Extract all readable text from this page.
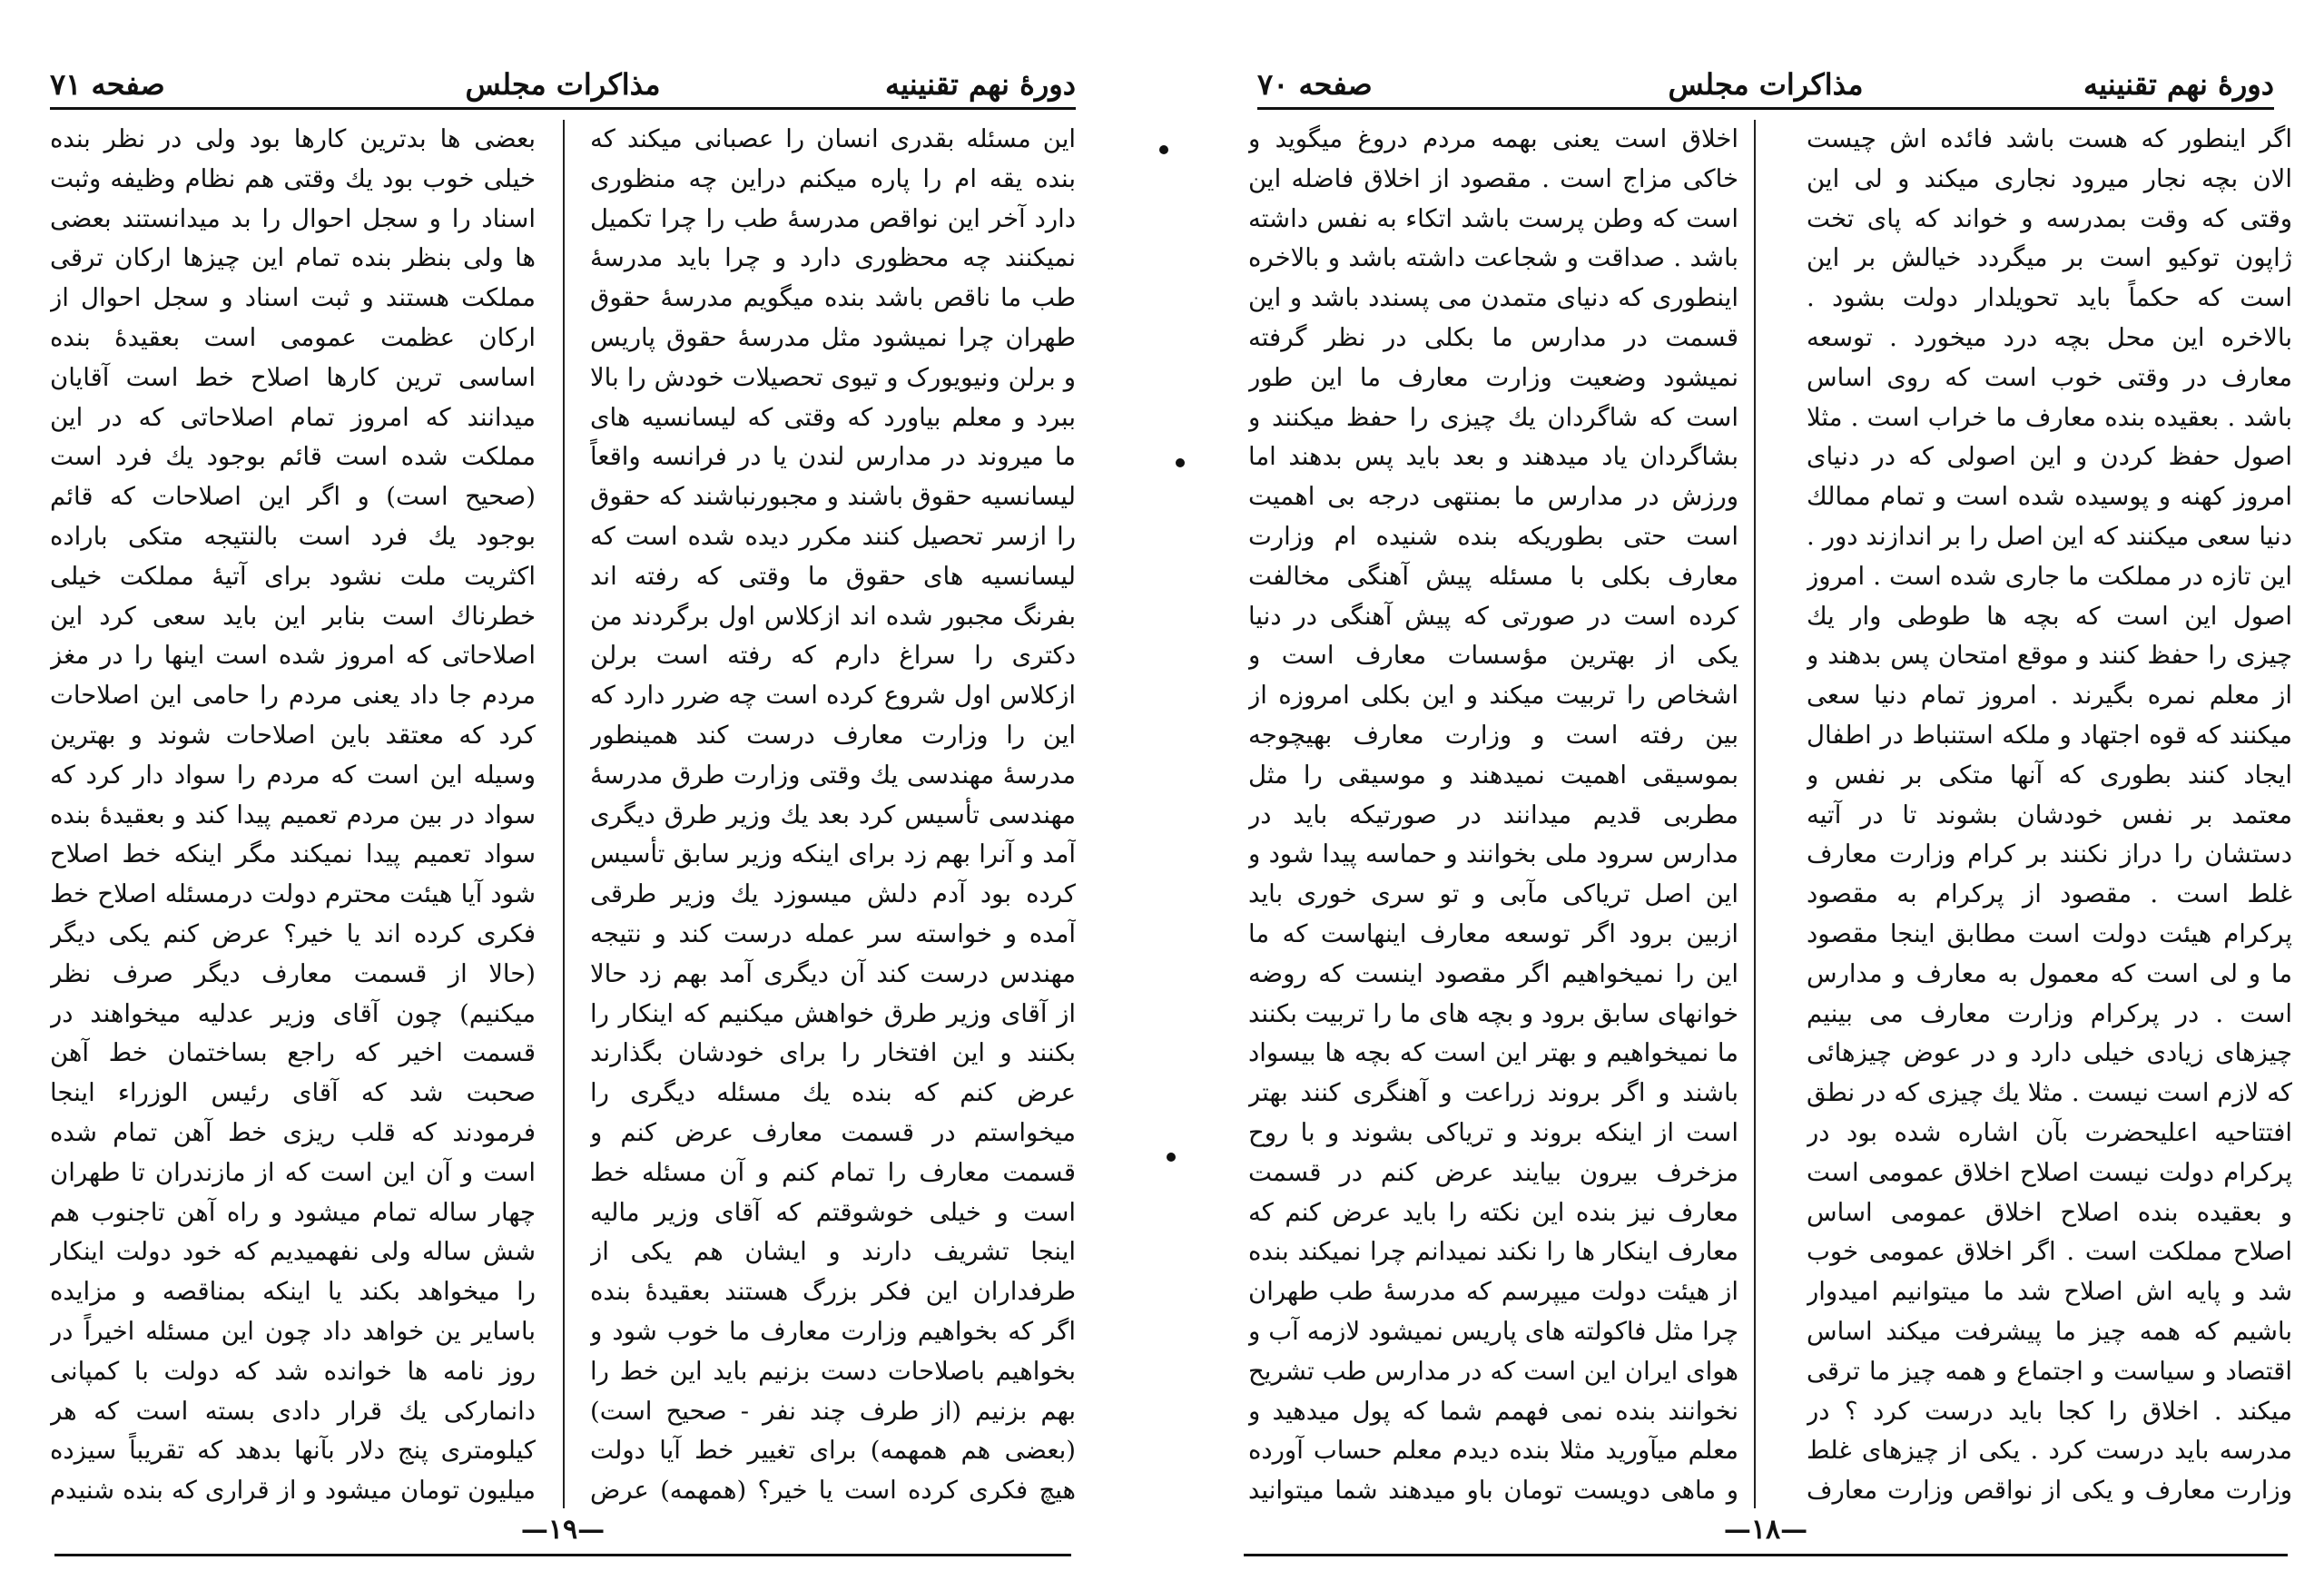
دورهٔ نهم تقنینیه
مذاکرات مجلس
صفحه ۷۱

این مسئله بقدری انسان را عصبانی میکند که بنده یقه ام را پاره میکنم دراین چه منظوری دارد آخر این نواقص مدرسهٔ طب را چرا تکمیل نمیکنند چه محظوری دارد و چرا باید مدرسهٔ طب ما ناقص باشد بنده میگویم مدرسهٔ حقوق طهران چرا نمیشود مثل مدرسهٔ حقوق پاریس و برلن ونیویورک و تیوی تحصیلات خودش را بالا ببرد و معلم بیاورد که وقتی که لیسانسیه های ما میروند در مدارس لندن یا در فرانسه واقعاً لیسانسیه حقوق باشند و مجبورنباشند که حقوق را ازسر تحصیل کنند مکرر دیده شده است که لیسانسیه های حقوق ما وقتی که رفته اند بفرنگ مجبور شده اند ازکلاس اول برگردند من دکتری را سراغ دارم که رفته است برلن ازکلاس اول شروع کرده است چه ضرر دارد که این را وزارت معارف درست کند همینطور مدرسهٔ مهندسی یك وقتی وزارت طرق مدرسهٔ مهندسی تأسیس کرد بعد یك وزیر طرق دیگری آمد و آنرا بهم زد برای اینکه وزیر سابق تأسیس کرده بود آدم دلش میسوزد یك وزیر طرقی آمده و خواسته سر عمله درست کند و نتیجه مهندس درست کند آن دیگری آمد بهم زد حالا از آقای وزیر طرق خواهش میکنیم که اینکار را بکنند و این افتخار را برای خودشان بگذارند عرض کنم که بنده یك مسئله دیگری را میخواستم در قسمت معارف عرض کنم و قسمت معارف را تمام کنم و آن مسئله خط است و خیلی خوشوقتم که آقای وزیر مالیه اینجا تشریف دارند و ایشان هم یکی از طرفداران این فکر بزرگ هستند بعقیدهٔ بنده اگر که بخواهیم وزارت معارف ما خوب شود و بخواهیم باصلاحات دست بزنیم باید این خط را بهم بزنیم (از طرف چند نفر - صحیح است) (بعضی هم همهمه) برای تغییر خط آیا دولت هیچ فکری کرده است یا خیر؟ (همهمه) عرض

بعضی ها بدترین کارها بود ولی در نظر بنده خیلی خوب بود یك وقتی هم نظام وظیفه وثبت اسناد را و سجل احوال را بد میدانستند بعضی ها ولی بنظر بنده تمام این چیزها ارکان ترقی مملکت هستند و ثبت اسناد و سجل احوال از ارکان عظمت عمومی است بعقیدهٔ بنده اساسی ترین کارها اصلاح خط است آقایان میدانند که امروز تمام اصلاحاتی که در این مملکت شده است قائم بوجود یك فرد است (صحیح است) و اگر این اصلاحات که قائم بوجود یك فرد است بالنتیجه متکی باراده اکثریت ملت نشود برای آتیهٔ مملکت خیلی خطرناك است بنابر این باید سعی کرد این اصلاحاتی که امروز شده است اینها را در مغز مردم جا داد یعنی مردم را حامی این اصلاحات کرد که معتقد باین اصلاحات شوند و بهترین وسیله این است که مردم را سواد دار کرد که سواد در بین مردم تعمیم پیدا کند و بعقیدهٔ بنده سواد تعمیم پیدا نمیکند مگر اینکه خط اصلاح شود آیا هیئت محترم دولت درمسئله اصلاح خط فکری کرده اند یا خیر؟ عرض کنم یکی دیگر (حالا از قسمت معارف دیگر صرف نظر میکنیم) چون آقای وزیر عدلیه میخواهند در قسمت اخیر که راجع بساختمان خط آهن صحبت شد که آقای رئیس الوزراء اینجا فرمودند که قلب ریزی خط آهن تمام شده است و آن این است که از مازندران تا طهران چهار ساله تمام میشود و راه آهن تاجنوب هم شش ساله ولی نفهمیدیم که خود دولت اینکار را میخواهد بکند یا اینکه بمناقصه و مزایده باساير ين خواهد داد چون این مسئله اخیراً در روز نامه ها خوانده شد که دولت با کمپانی دانمارکی یك قرار دادی بسته است که هر کیلومتری پنج دلار بآنها بدهد که تقریباً سیزده میلیون تومان میشود و از قراری که بنده شنیدم

—۱۹—
دورهٔ نهم تقنینیه
مذاکرات مجلس
صفحه ۷۰

اگر اینطور که هست باشد فائده اش چیست الان بچه نجار میرود نجاری میکند و لی این وقتی که وقت بمدرسه و خواند که پای تخت ژاپون توکیو است بر میگردد خیالش بر این است که حکماً باید تحویلدار دولت بشود . بالاخره این محل بچه درد میخورد . توسعه معارف در وقتی خوب است که روی اساس باشد . بعقیده بنده معارف ما خراب است . مثلا اصول حفظ کردن و این اصولی که در دنیای امروز کهنه و پوسیده شده است و تمام ممالك دنیا سعی میکنند که این اصل را بر اندازند دور . این تازه در مملکت ما جاری شده است . امروز اصول این است که بچه ها طوطی وار یك چیزی را حفظ کنند و موقع امتحان پس بدهند و از معلم نمره بگیرند . امروز تمام دنیا سعی میکنند که قوه اجتهاد و ملکه استنباط در اطفال ایجاد کنند بطوری که آنها متکی بر نفس و معتمد بر نفس خودشان بشوند تا در آتیه دستشان را دراز نکنند بر کرام وزارت معارف غلط است . مقصود از پرکرام به مقصود پرکرام هیئت دولت است مطابق اینجا مقصود ما و لی است که معمول به معارف و مدارس است . در پرکرام وزارت معارف می بینیم چیزهای زیادی خیلی دارد و در عوض چیزهائی که لازم است نیست . مثلا یك چیزی که در نطق افتتاحیه اعلیحضرت بآن اشاره شده بود در پرکرام دولت نیست اصلاح اخلاق عمومی است و بعقیده بنده اصلاح اخلاق عمومی اساس اصلاح مملکت است . اگر اخلاق عمومی خوب شد و پایه اش اصلاح شد ما میتوانیم امیدوار باشیم که همه چیز ما پیشرفت میکند اساس اقتصاد و سیاست و اجتماع و همه چیز ما ترقی میکند . اخلاق را کجا باید درست کرد ؟ در مدرسه باید درست کرد . یکی از چیزهای غلط وزارت معارف و یکی از نواقص وزارت معارف

اخلاق است یعنی بهمه مردم دروغ میگوید و خاکی مزاج است . مقصود از اخلاق فاضله این است که وطن پرست باشد اتکاء به نفس داشته باشد . صداقت و شجاعت داشته باشد و بالاخره اینطوری که دنیای متمدن می پسندد باشد و این قسمت در مدارس ما بکلی در نظر گرفته نمیشود وضعیت وزارت معارف ما این طور است که شاگردان یك چیزی را حفظ میکنند و بشاگردان یاد میدهند و بعد باید پس بدهند اما ورزش در مدارس ما بمنتهی درجه بی اهمیت است حتی بطوریکه بنده شنیده ام وزارت معارف بکلی با مسئله پیش آهنگی مخالفت کرده است در صورتی که پیش آهنگی در دنیا یکی از بهترین مؤسسات معارف است و اشخاص را تربیت میکند و این بکلی امروزه از بین رفته است و وزارت معارف بهیچوجه بموسیقی اهمیت نمیدهند و موسیقی را مثل مطربی قدیم میدانند در صورتیکه باید در مدارس سرود ملی بخوانند و حماسه پیدا شود و این اصل تریاکی مآبی و تو سری خوری باید ازبین برود اگر توسعه معارف اینهاست که ما این را نمیخواهیم اگر مقصود اینست که روضه خوانهای سابق برود و بچه های ما را تربیت بکنند ما نمیخواهیم و بهتر این است که بچه ها بیسواد باشند و اگر بروند زراعت و آهنگری کنند بهتر است از اینکه بروند و تریاکی بشوند و با روح مزخرف بیرون بیایند عرض کنم در قسمت معارف نیز بنده این نکته را باید عرض کنم که معارف اینکار ها را نکند نمیدانم چرا نمیکند بنده از هیئت دولت میپرسم که مدرسهٔ طب طهران چرا مثل فاکولته های پاریس نمیشود لازمه آب و هوای ایران این است که در مدارس طب تشریح نخوانند بنده نمی فهمم شما که پول میدهید و معلم میآورید مثلا بنده دیدم معلم حساب آورده و ماهی دویست تومان باو میدهند شما میتوانید

—۱۸—
